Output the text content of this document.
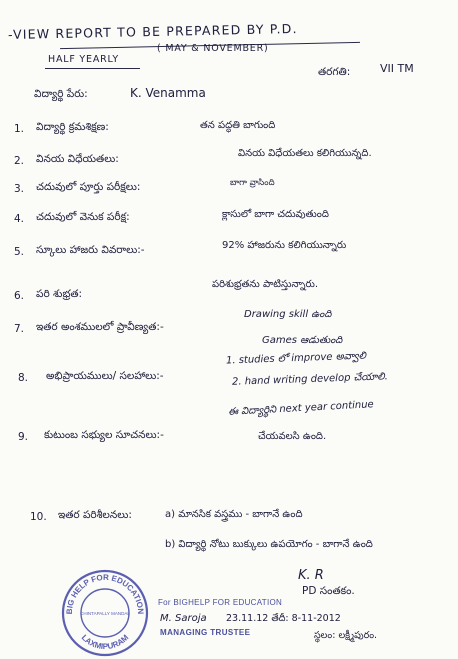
-VIEW REPORT TO BE PREPARED BY P.D.
HALF YEARLY
( MAY & NOVEMBER)
విద్యార్థి పేరు:	K. Venamma
తరగతి:	VII TM
1. విద్యార్థి క్రమశిక్షణ:	తన పద్ధతి బాగుంది
2. వినయ విధేయతలు:	వినయ విధేయతలు కలిగియున్నది.
3. చదువులో పూర్తు పరీక్షలు:	బాగా వ్రాసింది
4. చదువులో వెనుక పరీక్ష:	క్లాసులో బాగా చదువుతుంది
5. స్కూలు హాజరు వివరాలు:-	92% హాజరును కలిగియున్నారు
6. పరి శుభ్రత:
పరిశుభ్రతను పాటిస్తున్నారు.
7. ఇతర అంశములలో ప్రావీణ్యత:-
Drawing skill ఉంది
Games ఆడుతుంది
8. అభిప్రాయములు/ సలహాలు:-
1. studies లో improve అవ్వాలి
2. hand writing develop చేయాలి.
9. కుటుంబ సభ్యుల సూచనలు:-
ఈ విద్యార్థిని next year continue
చేయవలసి ఉంది.
10. ఇతర పరిశీలనలు:	a) మానసిక వస్త్రము - బాగానే ఉంది
b) విద్యార్థి నోటు బుక్కులు ఉపయోగం - బాగానే ఉంది
BIG HELP FOR EDUCATION
LAXMIPURAM
CHINTAPALLY MANDAL
K. R
PD సంతకం.
For BIGHELP FOR EDUCATION
M. Saroja 23.11.12 తేదీ: 8-11-2012
MANAGING TRUSTEE	స్థలం: లక్ష్మీపురం.
